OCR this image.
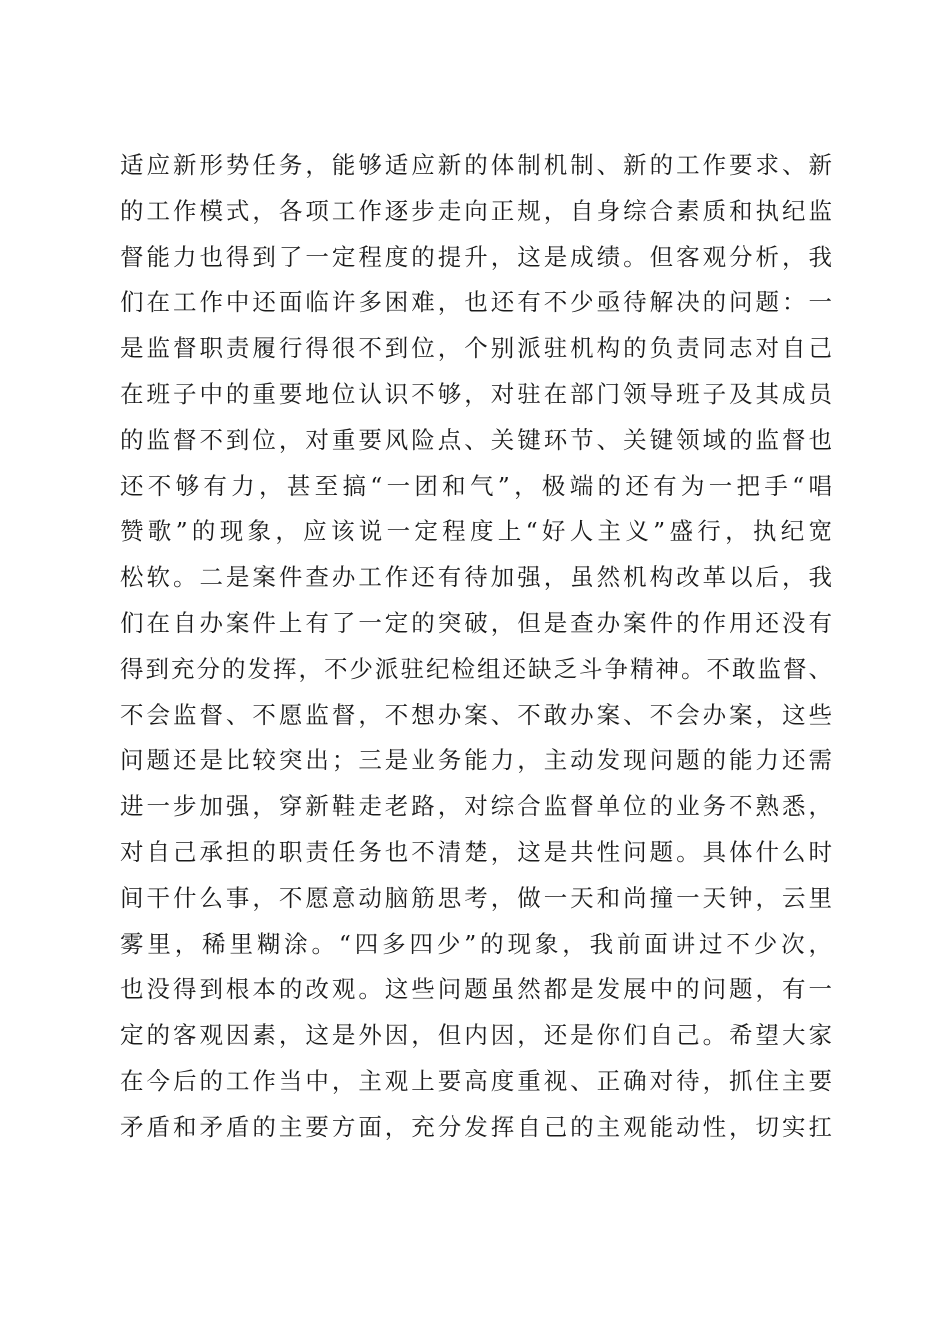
适应新形势任务，能够适应新的体制机制、新的工作要求、新
的工作模式，各项工作逐步走向正规，自身综合素质和执纪监
督能力也得到了一定程度的提升，这是成绩。但客观分析，我
们在工作中还面临许多困难，也还有不少亟待解决的问题：一
是监督职责履行得很不到位，个别派驻机构的负责同志对自己
在班子中的重要地位认识不够，对驻在部门领导班子及其成员
的监督不到位，对重要风险点、关键环节、关键领域的监督也
还不够有力，甚至搞“一团和气”，极端的还有为一把手“唱
赞歌”的现象，应该说一定程度上“好人主义”盛行，执纪宽
松软。二是案件查办工作还有待加强，虽然机构改革以后，我
们在自办案件上有了一定的突破，但是查办案件的作用还没有
得到充分的发挥，不少派驻纪检组还缺乏斗争精神。不敢监督、
不会监督、不愿监督，不想办案、不敢办案、不会办案，这些
问题还是比较突出；三是业务能力，主动发现问题的能力还需
进一步加强，穿新鞋走老路，对综合监督单位的业务不熟悉，
对自己承担的职责任务也不清楚，这是共性问题。具体什么时
间干什么事，不愿意动脑筋思考，做一天和尚撞一天钟，云里
雾里，稀里糊涂。“四多四少”的现象，我前面讲过不少次，
也没得到根本的改观。这些问题虽然都是发展中的问题，有一
定的客观因素，这是外因，但内因，还是你们自己。希望大家
在今后的工作当中，主观上要高度重视、正确对待，抓住主要
矛盾和矛盾的主要方面，充分发挥自己的主观能动性，切实扛
